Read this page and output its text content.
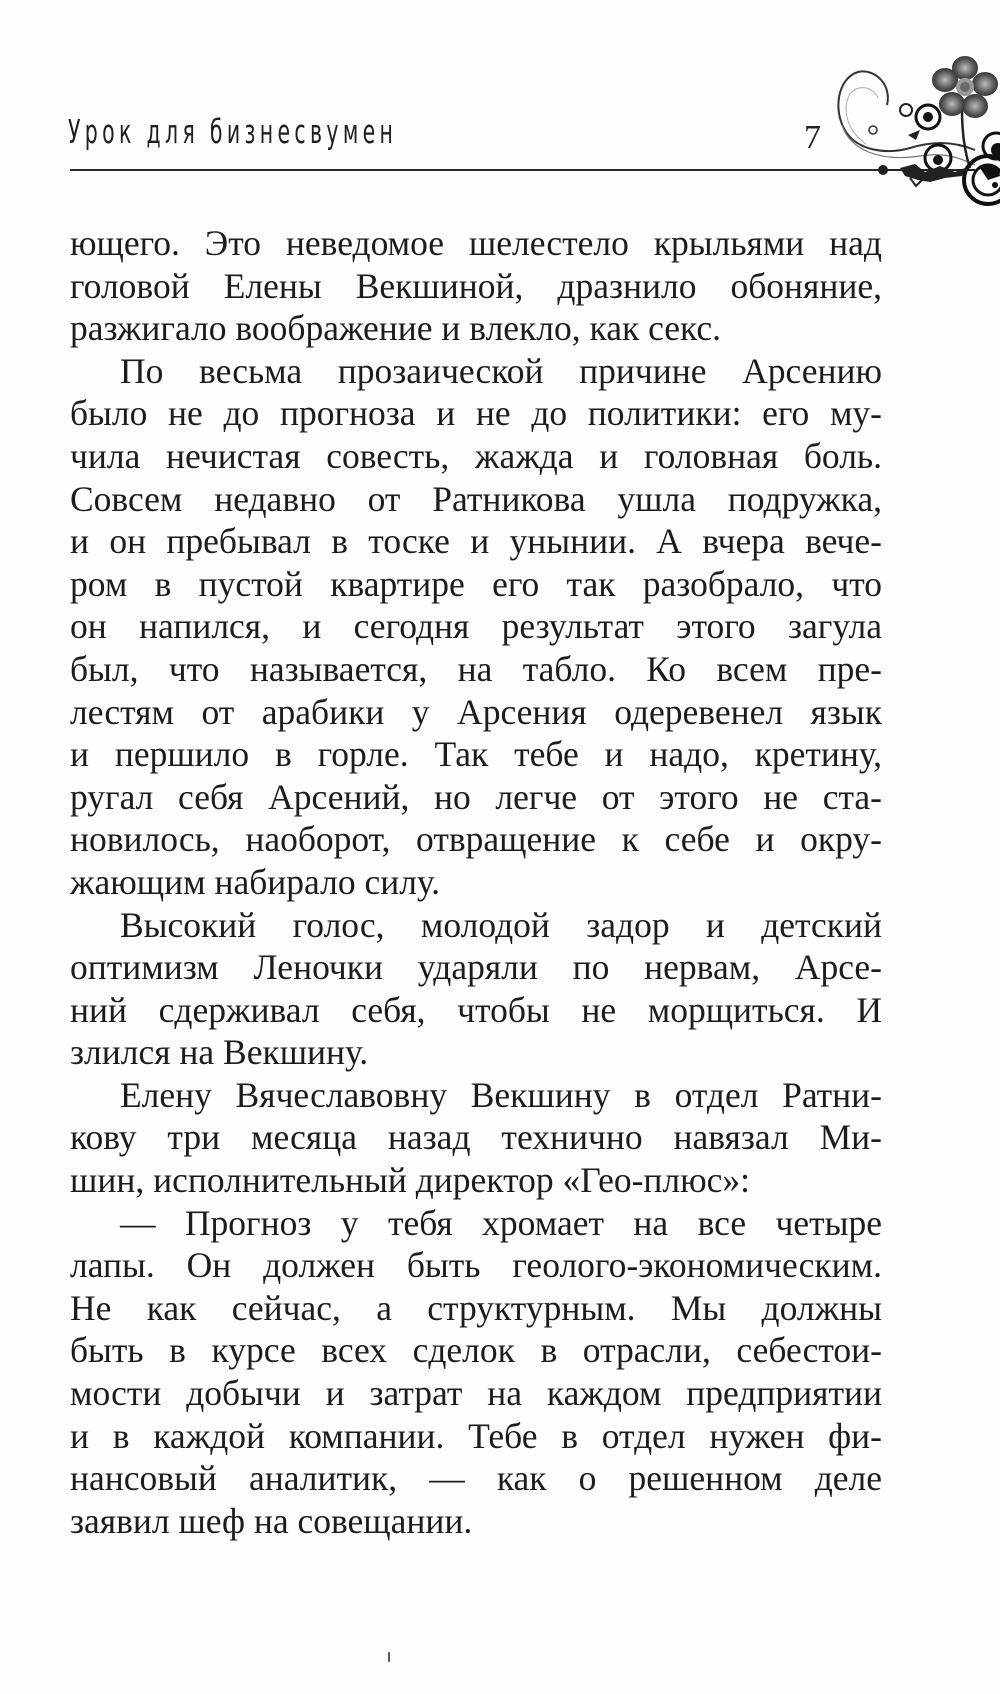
Урок для бизнесвумен	7
ющего. Это неведомое шелестело крыльями над
головой Елены Векшиной, дразнило обоняние,
разжигало воображение и влекло, как секс.
По весьма прозаической причине Арсению
было не до прогноза и не до политики: его му-
чила нечистая совесть, жажда и головная боль.
Совсем недавно от Ратникова ушла подружка,
и он пребывал в тоске и унынии. А вчера вече-
ром в пустой квартире его так разобрало, что
он напился, и сегодня результат этого загула
был, что называется, на табло. Ко всем пре-
лестям от арабики у Арсения одеревенел язык
и першило в горле. Так тебе и надо, кретину,
ругал себя Арсений, но легче от этого не ста-
новилось, наоборот, отвращение к себе и окру-
жающим набирало силу.
Высокий голос, молодой задор и детский
оптимизм Леночки ударяли по нервам, Арсе-
ний сдерживал себя, чтобы не морщиться. И
злился на Векшину.
Елену Вячеславовну Векшину в отдел Ратни-
кову три месяца назад технично навязал Ми-
шин, исполнительный директор «Гео-плюс»:
— Прогноз у тебя хромает на все четыре
лапы. Он должен быть геолого-экономическим.
Не как сейчас, а структурным. Мы должны
быть в курсе всех сделок в отрасли, себестои-
мости добычи и затрат на каждом предприятии
и в каждой компании. Тебе в отдел нужен фи-
нансовый аналитик, — как о решенном деле
заявил шеф на совещании.
